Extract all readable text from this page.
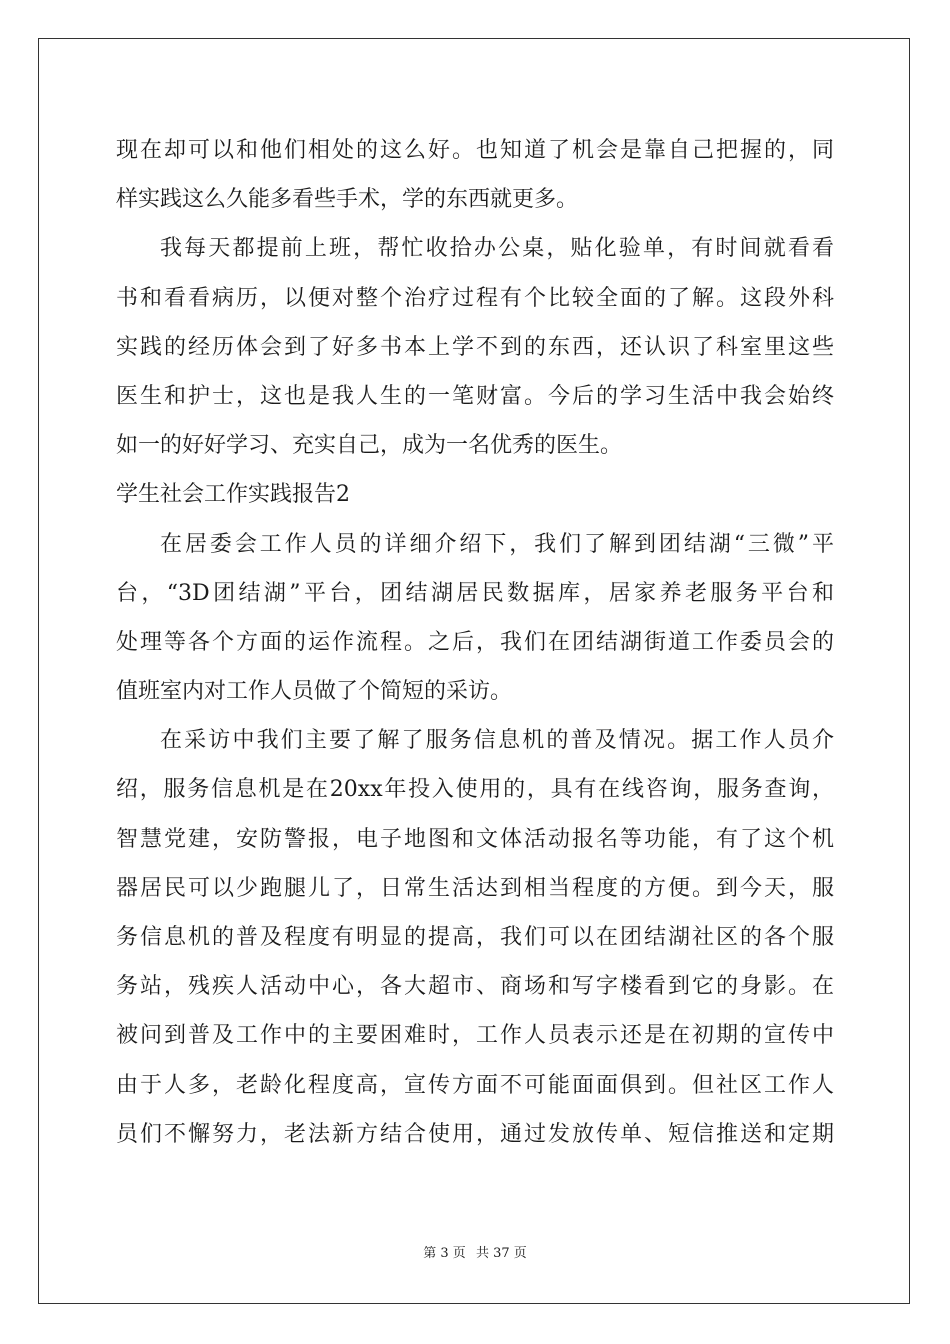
现在却可以和他们相处的这么好。也知道了机会是靠自己把握的，同
样实践这么久能多看些手术，学的东西就更多。
我每天都提前上班，帮忙收拾办公桌，贴化验单，有时间就看看
书和看看病历，以便对整个治疗过程有个比较全面的了解。这段外科
实践的经历体会到了好多书本上学不到的东西，还认识了科室里这些
医生和护士，这也是我人生的一笔财富。今后的学习生活中我会始终
如一的好好学习、充实自己，成为一名优秀的医生。
学生社会工作实践报告2
在居委会工作人员的详细介绍下，我们了解到团结湖“三微”平
台，“3D团结湖”平台，团结湖居民数据库，居家养老服务平台和
处理等各个方面的运作流程。之后，我们在团结湖街道工作委员会的
值班室内对工作人员做了个简短的采访。
在采访中我们主要了解了服务信息机的普及情况。据工作人员介
绍，服务信息机是在20xx年投入使用的，具有在线咨询，服务查询，
智慧党建，安防警报，电子地图和文体活动报名等功能，有了这个机
器居民可以少跑腿儿了，日常生活达到相当程度的方便。到今天，服
务信息机的普及程度有明显的提高，我们可以在团结湖社区的各个服
务站，残疾人活动中心，各大超市、商场和写字楼看到它的身影。在
被问到普及工作中的主要困难时，工作人员表示还是在初期的宣传中
由于人多，老龄化程度高，宣传方面不可能面面俱到。但社区工作人
员们不懈努力，老法新方结合使用，通过发放传单、短信推送和定期
第 3 页 共 37 页
